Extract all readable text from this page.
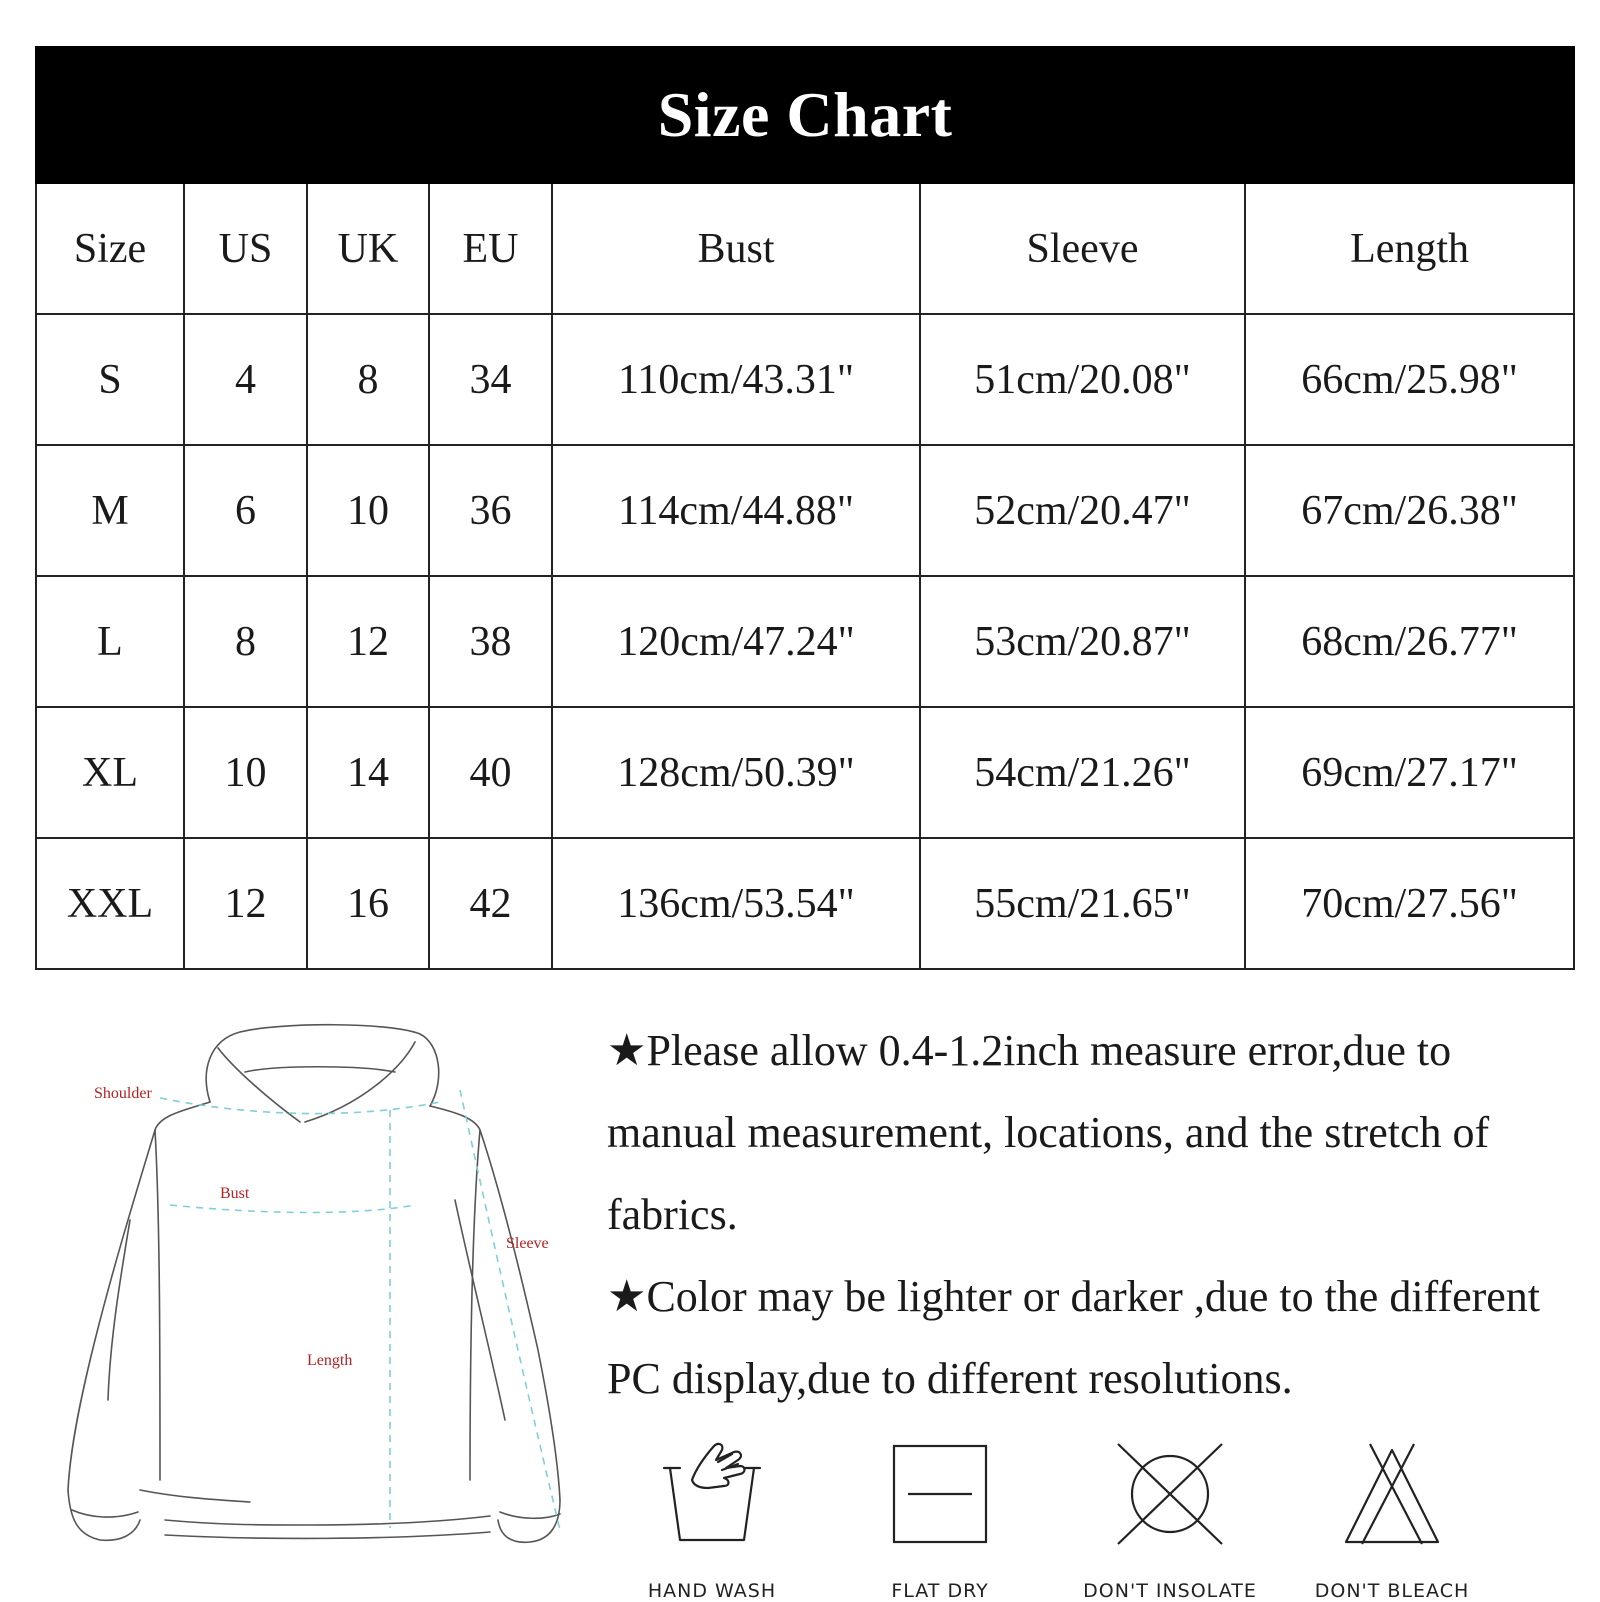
Size Chart						
Size	US	UK	EU	Bust	Sleeve	Length
S	4	8	34	110cm/43.31"	51cm/20.08"	66cm/25.98"
M	6	10	36	114cm/44.88"	52cm/20.47"	67cm/26.38"
L	8	12	38	120cm/47.24"	53cm/20.87"	68cm/26.77"
XL	10	14	40	128cm/50.39"	54cm/21.26"	69cm/27.17"
XXL	12	16	42	136cm/53.54"	55cm/21.65"	70cm/27.56"
Shoulder
Bust
Sleeve
Length

★Please allow 0.4-1.2inch measure error,due to manual measurement, locations, and the stretch of fabrics.

★Color may be lighter or darker ,due to the different PC display,due to different resolutions.

HAND WASH	FLAT DRY	DON'T INSOLATE	DON'T BLEACH
